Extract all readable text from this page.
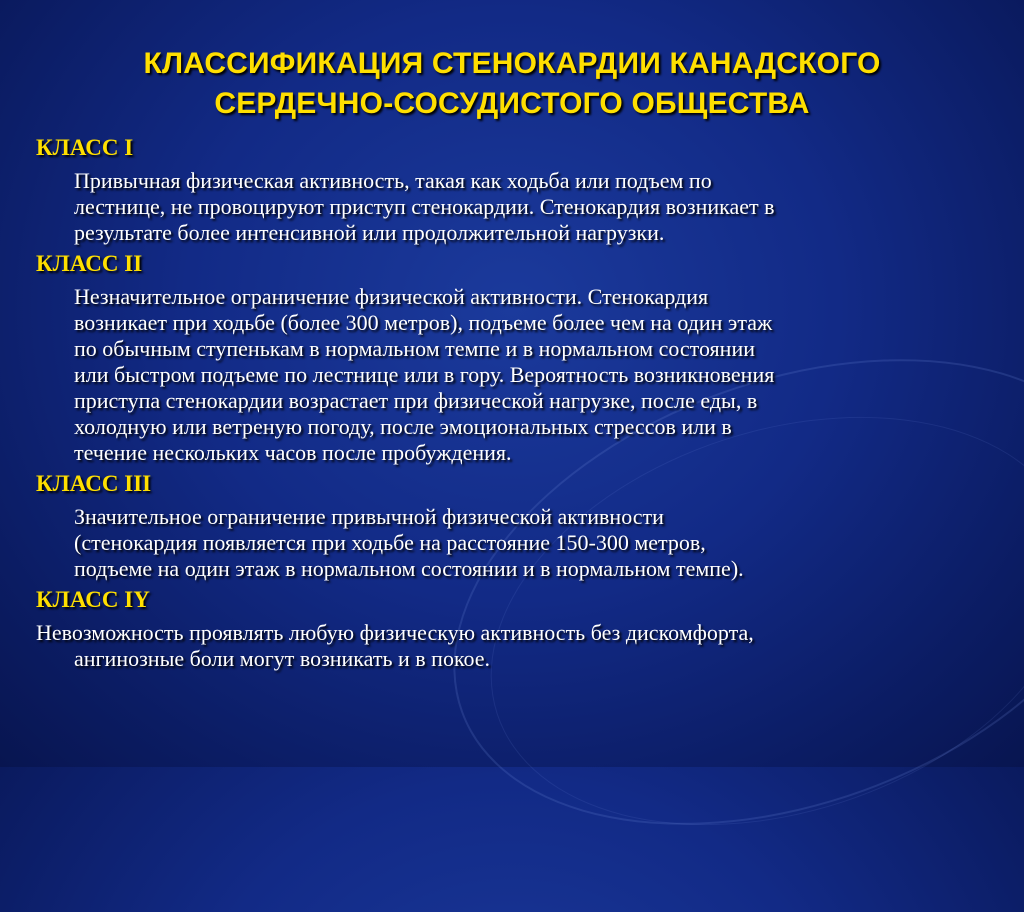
КЛАССИФИКАЦИЯ СТЕНОКАРДИИ КАНАДСКОГО
СЕРДЕЧНО-СОСУДИСТОГО ОБЩЕСТВА

КЛАСС I

Привычная физическая активность, такая как ходьба или подъем по
лестнице, не провоцируют приступ стенокардии. Стенокардия возникает в
результате более интенсивной или продолжительной нагрузки.

КЛАСС II

Незначительное ограничение физической активности. Стенокардия
возникает при ходьбе (более 300 метров), подъеме более чем на один этаж
по обычным ступенькам в нормальном темпе и в нормальном состоянии
или быстром подъеме по лестнице или в гору. Вероятность возникновения
приступа стенокардии возрастает при физической нагрузке, после еды, в
холодную или ветреную погоду, после эмоциональных стрессов или в
течение нескольких часов после пробуждения.

КЛАСС III

Значительное ограничение привычной физической активности
(стенокардия появляется при ходьбе на расстояние 150-300 метров,
подъеме на один этаж в нормальном состоянии и в нормальном темпе).

КЛАСС IY

Невозможность проявлять любую физическую активность без дискомфорта,
ангинозные боли могут возникать и в покое.
